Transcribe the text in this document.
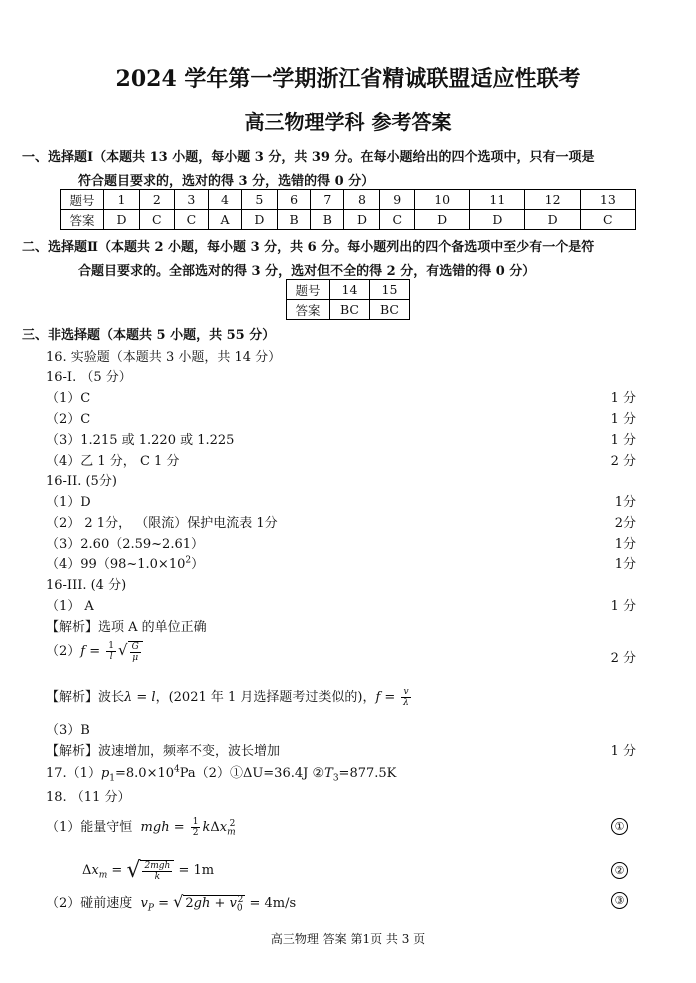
2024 学年第一学期浙江省精诚联盟适应性联考
高三物理学科 参考答案
一、选择题Ⅰ（本题共 13 小题，每小题 3 分，共 39 分。在每小题给出的四个选项中，只有一项是
符合题目要求的，选对的得 3 分，选错的得 0 分）
题号	1	2	3	4	5	6	7	8	9	10	11	12	13
答案	D	C	C	A	D	B	B	D	C	D	D	D	C
二、选择题Ⅱ（本题共 2 小题，每小题 3 分，共 6 分。每小题列出的四个备选项中至少有一个是符
合题目要求的。全部选对的得 3 分，选对但不全的得 2 分，有选错的得 0 分）
题号	14	15
答案	BC	BC
三、非选择题（本题共 5 小题，共 55 分）
16. 实验题（本题共 3 小题，共 14 分）
16-I. （5 分）
（1）C	1 分
（2）C	1 分
（3）1.215 或 1.220 或 1.225	1 分
（4）乙 1 分， C 1 分	2 分
16-II. (5分)
（1）D	1分
（2） 2 1分， （限流）保护电流表 1分	2分
（3）2.60（2.59~2.61）	1分
$(4)99(98\sim 1.0\times 10^2)$	1分
16-III. (4 分)
（1） A	1 分
【解析】选项 A 的单位正确
$(2)f = \frac{1}{l}$ √ $\frac{G}{\mu}$	2 分
【解析】波长λ = l，(2021 年 1 月选择题考过类似的)，$f = \frac{v}{\lambda}$
（3）B
【解析】波速增加，频率不变，波长增加	1 分
$17.(1)p_1=8.0\times 10^4Pa(2)①\Delta U=36.4J$ $②T_3=877.5K$
18. （11 分）
（1）能量守恒 mgh = $\frac{1}{2} k\Delta x_m^2$	①
$\Delta x_m$ = √ $\frac{\text{2mgh}}{k} = 1m$	②
（2）碰前速度 $v_P$ = √ $2gh + v_0^2 = 4m/s$	③
高三物理 答案 第1页 共 3 页
